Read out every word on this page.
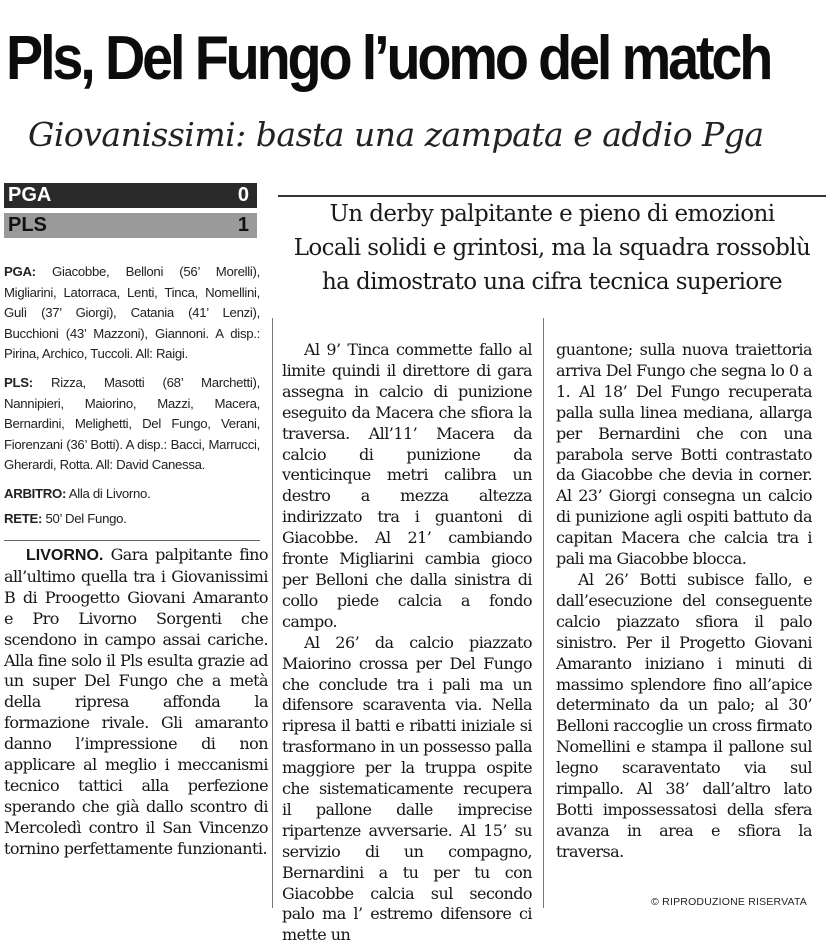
Pls, Del Fungo l’uomo del match
Giovanissimi: basta una zampata e addio Pga
PGA	0
PLS	1

PGA: Giacobbe, Belloni (56’ Morelli), Migliarini, Latorraca, Lenti, Tinca, Nomellini, Gulì (37’ Giorgi), Catania (41’ Lenzi), Bucchioni (43’ Mazzoni), Giannoni. A disp.: Pirina, Archico, Tuccoli. All: Raigi.

PLS: Rizza, Masotti (68’ Marchetti), Nannipieri, Maiorino, Mazzi, Macera, Bernardini, Melighetti, Del Fungo, Verani, Fiorenzani (36’ Botti). A disp.: Bacci, Marrucci, Gherardi, Rotta. All: David Canessa.

ARBITRO: Alla di Livorno.

RETE: 50’ Del Fungo.

Un derby palpitante e pieno di emozioni
Locali solidi e grintosi, ma la squadra rossoblù
ha dimostrato una cifra tecnica superiore

LIVORNO. Gara palpitante fino all’ultimo quella tra i Giovanissimi B di Proogetto Giovani Amaranto e Pro Livorno Sorgenti che scendono in campo assai cariche. Alla fine solo il Pls esulta grazie ad un super Del Fungo che a metà della ripresa affonda la formazione rivale. Gli amaranto danno l’impressione di non applicare al meglio i meccanismi tecnico tattici alla perfezione sperando che già dallo scontro di Mercoledì contro il San Vincenzo tornino perfettamente funzionanti.

Al 9’ Tinca commette fallo al limite quindi il direttore di gara assegna in calcio di punizione eseguito da Macera che sfiora la traversa. All’11’ Macera da calcio di punizione da venticinque metri calibra un destro a mezza altezza indirizzato tra i guantoni di Giacobbe. Al 21’ cambiando fronte Migliarini cambia gioco per Belloni che dalla sinistra di collo piede calcia a fondo campo.

Al 26’ da calcio piazzato Maiorino crossa per Del Fungo che conclude tra i pali ma un difensore scaraventa via. Nella ripresa il batti e ribatti iniziale si trasformano in un possesso palla maggiore per la truppa ospite che sistematicamente recupera il pallone dalle imprecise ripartenze avversarie. Al 15’ su servizio di un compagno, Bernardini a tu per tu con Giacobbe calcia sul secondo palo ma l’ estremo difensore ci mette un

guantone; sulla nuova traiettoria arriva Del Fungo che segna lo 0 a 1. Al 18’ Del Fungo recuperata palla sulla linea mediana, allarga per Bernardini che con una parabola serve Botti contrastato da Giacobbe che devia in corner. Al 23’ Giorgi consegna un calcio di punizione agli ospiti battuto da capitan Macera che calcia tra i pali ma Giacobbe blocca.

Al 26’ Botti subisce fallo, e dall’esecuzione del conseguente calcio piazzato sfiora il palo sinistro. Per il Progetto Giovani Amaranto iniziano i minuti di massimo splendore fino all’apice determinato da un palo; al 30’ Belloni raccoglie un cross firmato Nomellini e stampa il pallone sul legno scaraventato via sul rimpallo. Al 38’ dall’altro lato Botti impossessatosi della sfera avanza in area e sfiora la traversa.

© RIPRODUZIONE RISERVATA
